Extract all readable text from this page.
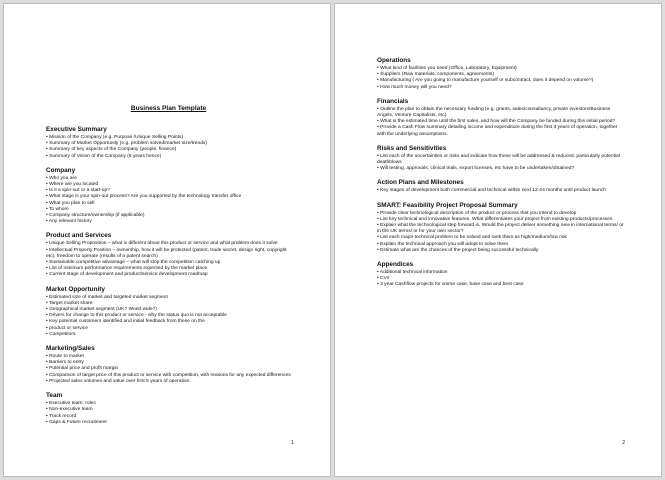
Business Plan Template
Executive Summary
• Mission of the Company (e.g. Purpose /Unique Selling Points)
• Summary of Market Opportunity (e.g. problem solved/market size/trends)
• Summary of key aspects of the Company (people, finance)
• Summary of Vision of the Company (5 years hence)
Company
• Who you are
• Where are you located
• Is it a spin-out or a start-up?
• What stage is your spin-out process? Are you supported by the technology transfer office
• What you plan to sell
• To whom
• Company structure/ownership (if applicable)
• Any relevant history
Product and Services
• Unique Selling Proposition – what is different about this product or service and what problem does it solve
• Intellectual Property Position – ownership, how it will be protected (patent, trade secret, design right, copyright etc), freedom to operate (results of a patent search)
• Sustainable competitive advantage – what will stop the competition catching up
• List of minimum performance requirements expected by the market place
• Current stage of development and product/service development roadmap
Market Opportunity
• Estimated size of market and targeted market segment
• Target market share
• Geographical market segment (UK? World wide?)
• Drivers for change to this product or service - why the status quo is not acceptable
• Key potential customers identified and initial feedback from these on the
• product or service
• Competitors
Marketing/Sales
• Route to market
• Barriers to entry
• Potential price and profit margin
• Comparison of target price of this product or service with competition, with reasons for any expected differences
• Projected sales volumes and value over first 5 years of operation.
Team
• Executive team: roles
• Non-executive team
• Track record
• Gaps & Future recruitment
1
Operations
• What kind of facilities you need (Office, Laboratory, Equipment)
• Suppliers (Raw materials, components, agreements)
• Manufacturing ( Are you going to manufacture yourself or subcontract, does it depend on volume?)
• How much money will you need?
Financials
• Outline the plan to obtain the necessary funding (e.g. grants, sales/consultancy, private investors/Business Angels, Venture Capitalists, etc)
• What is the estimated time until the first sales, and how will the Company be funded during this initial period?
• Provide a Cash Flow summary detailing income and expenditure during the first 3 years of operation, together with the underlying assumptions.
Risks and Sensitivities
• List each of the uncertainties or risks and indicate how these will be addressed & reduced, particularly potential deathblows
• Will testing, approvals, clinical trials, export licenses, etc have to be undertaken/obtained?
Action Plans and Milestones
• Key stages of development both commercial and technical within next 12-24 months until product launch
SMART: Feasibility Project Proposal Summary
• Provide clear technological description of the product or process that you intend to develop
• List key technical and innovative features. What differentiates your project from existing products/processes
• Explain what the technological step forward is. Would the project deliver something new in international terms/ or in the UK terms/ or for your own sector?
• List each major technical problem to be solved and rank them as high/medium/low risk
• Explain the technical approach you will adopt to solve them
• Estimate what are the chances of the project being successful technically
Appendices
• Additional technical information
• CVs
• 3 year Cashflow projects for worse case, base case and best case
2
